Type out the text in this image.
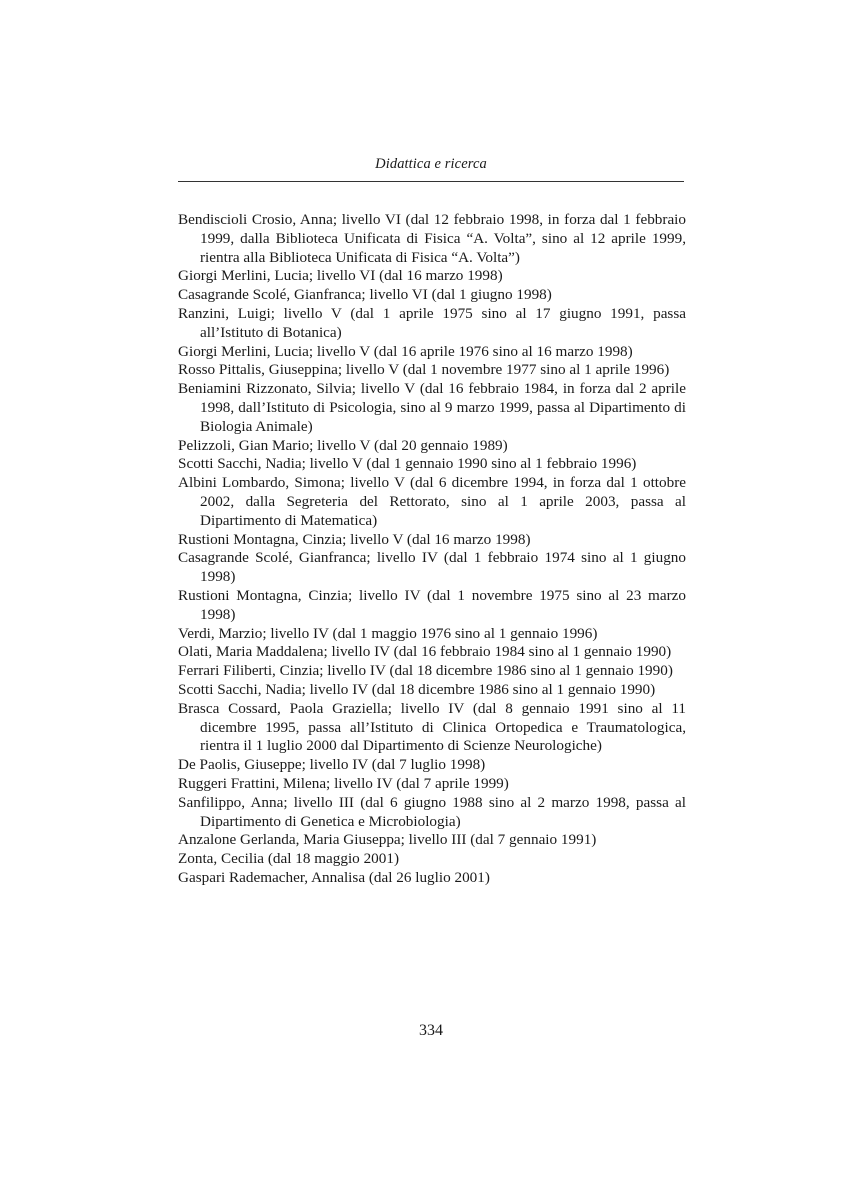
Didattica e ricerca
Bendiscioli Crosio, Anna; livello VI (dal 12 febbraio 1998, in forza dal 1 febbraio 1999, dalla Biblioteca Unificata di Fisica “A. Volta”, sino al 12 aprile 1999, rientra alla Biblioteca Unificata di Fisica “A. Volta”)
Giorgi Merlini, Lucia; livello VI (dal 16 marzo 1998)
Casagrande Scolé, Gianfranca; livello VI (dal 1 giugno 1998)
Ranzini, Luigi; livello V (dal 1 aprile 1975 sino al 17 giugno 1991, passa all’Istituto di Botanica)
Giorgi Merlini, Lucia; livello V (dal 16 aprile 1976 sino al 16 marzo 1998)
Rosso Pittalis, Giuseppina; livello V (dal 1 novembre 1977 sino al 1 aprile 1996)
Beniamini Rizzonato, Silvia; livello V (dal 16 febbraio 1984, in forza dal 2 aprile 1998, dall’Istituto di Psicologia, sino al 9 marzo 1999, passa al Dipartimento di Biologia Animale)
Pelizzoli, Gian Mario; livello V (dal 20 gennaio 1989)
Scotti Sacchi, Nadia; livello V (dal 1 gennaio 1990 sino al 1 febbraio 1996)
Albini Lombardo, Simona; livello V (dal 6 dicembre 1994, in forza dal 1 ottobre 2002, dalla Segreteria del Rettorato, sino al 1 aprile 2003, passa al Dipartimento di Matematica)
Rustioni Montagna, Cinzia; livello V (dal 16 marzo 1998)
Casagrande Scolé, Gianfranca; livello IV (dal 1 febbraio 1974 sino al 1 giugno 1998)
Rustioni Montagna, Cinzia; livello IV (dal 1 novembre 1975 sino al 23 marzo 1998)
Verdi, Marzio; livello IV (dal 1 maggio 1976 sino al 1 gennaio 1996)
Olati, Maria Maddalena; livello IV (dal 16 febbraio 1984 sino al 1 gennaio 1990)
Ferrari Filiberti, Cinzia; livello IV (dal 18 dicembre 1986 sino al 1 gennaio 1990)
Scotti Sacchi, Nadia; livello IV (dal 18 dicembre 1986 sino al 1 gennaio 1990)
Brasca Cossard, Paola Graziella; livello IV (dal 8 gennaio 1991 sino al 11 dicembre 1995, passa all’Istituto di Clinica Ortopedica e Traumatologica, rientra il 1 luglio 2000 dal Dipartimento di Scienze Neurologiche)
De Paolis, Giuseppe; livello IV (dal 7 luglio 1998)
Ruggeri Frattini, Milena; livello IV (dal 7 aprile 1999)
Sanfilippo, Anna; livello III (dal 6 giugno 1988 sino al 2 marzo 1998, passa al Dipartimento di Genetica e Microbiologia)
Anzalone Gerlanda, Maria Giuseppa; livello III (dal 7 gennaio 1991)
Zonta, Cecilia (dal 18 maggio 2001)
Gaspari Rademacher, Annalisa (dal 26 luglio 2001)
334
